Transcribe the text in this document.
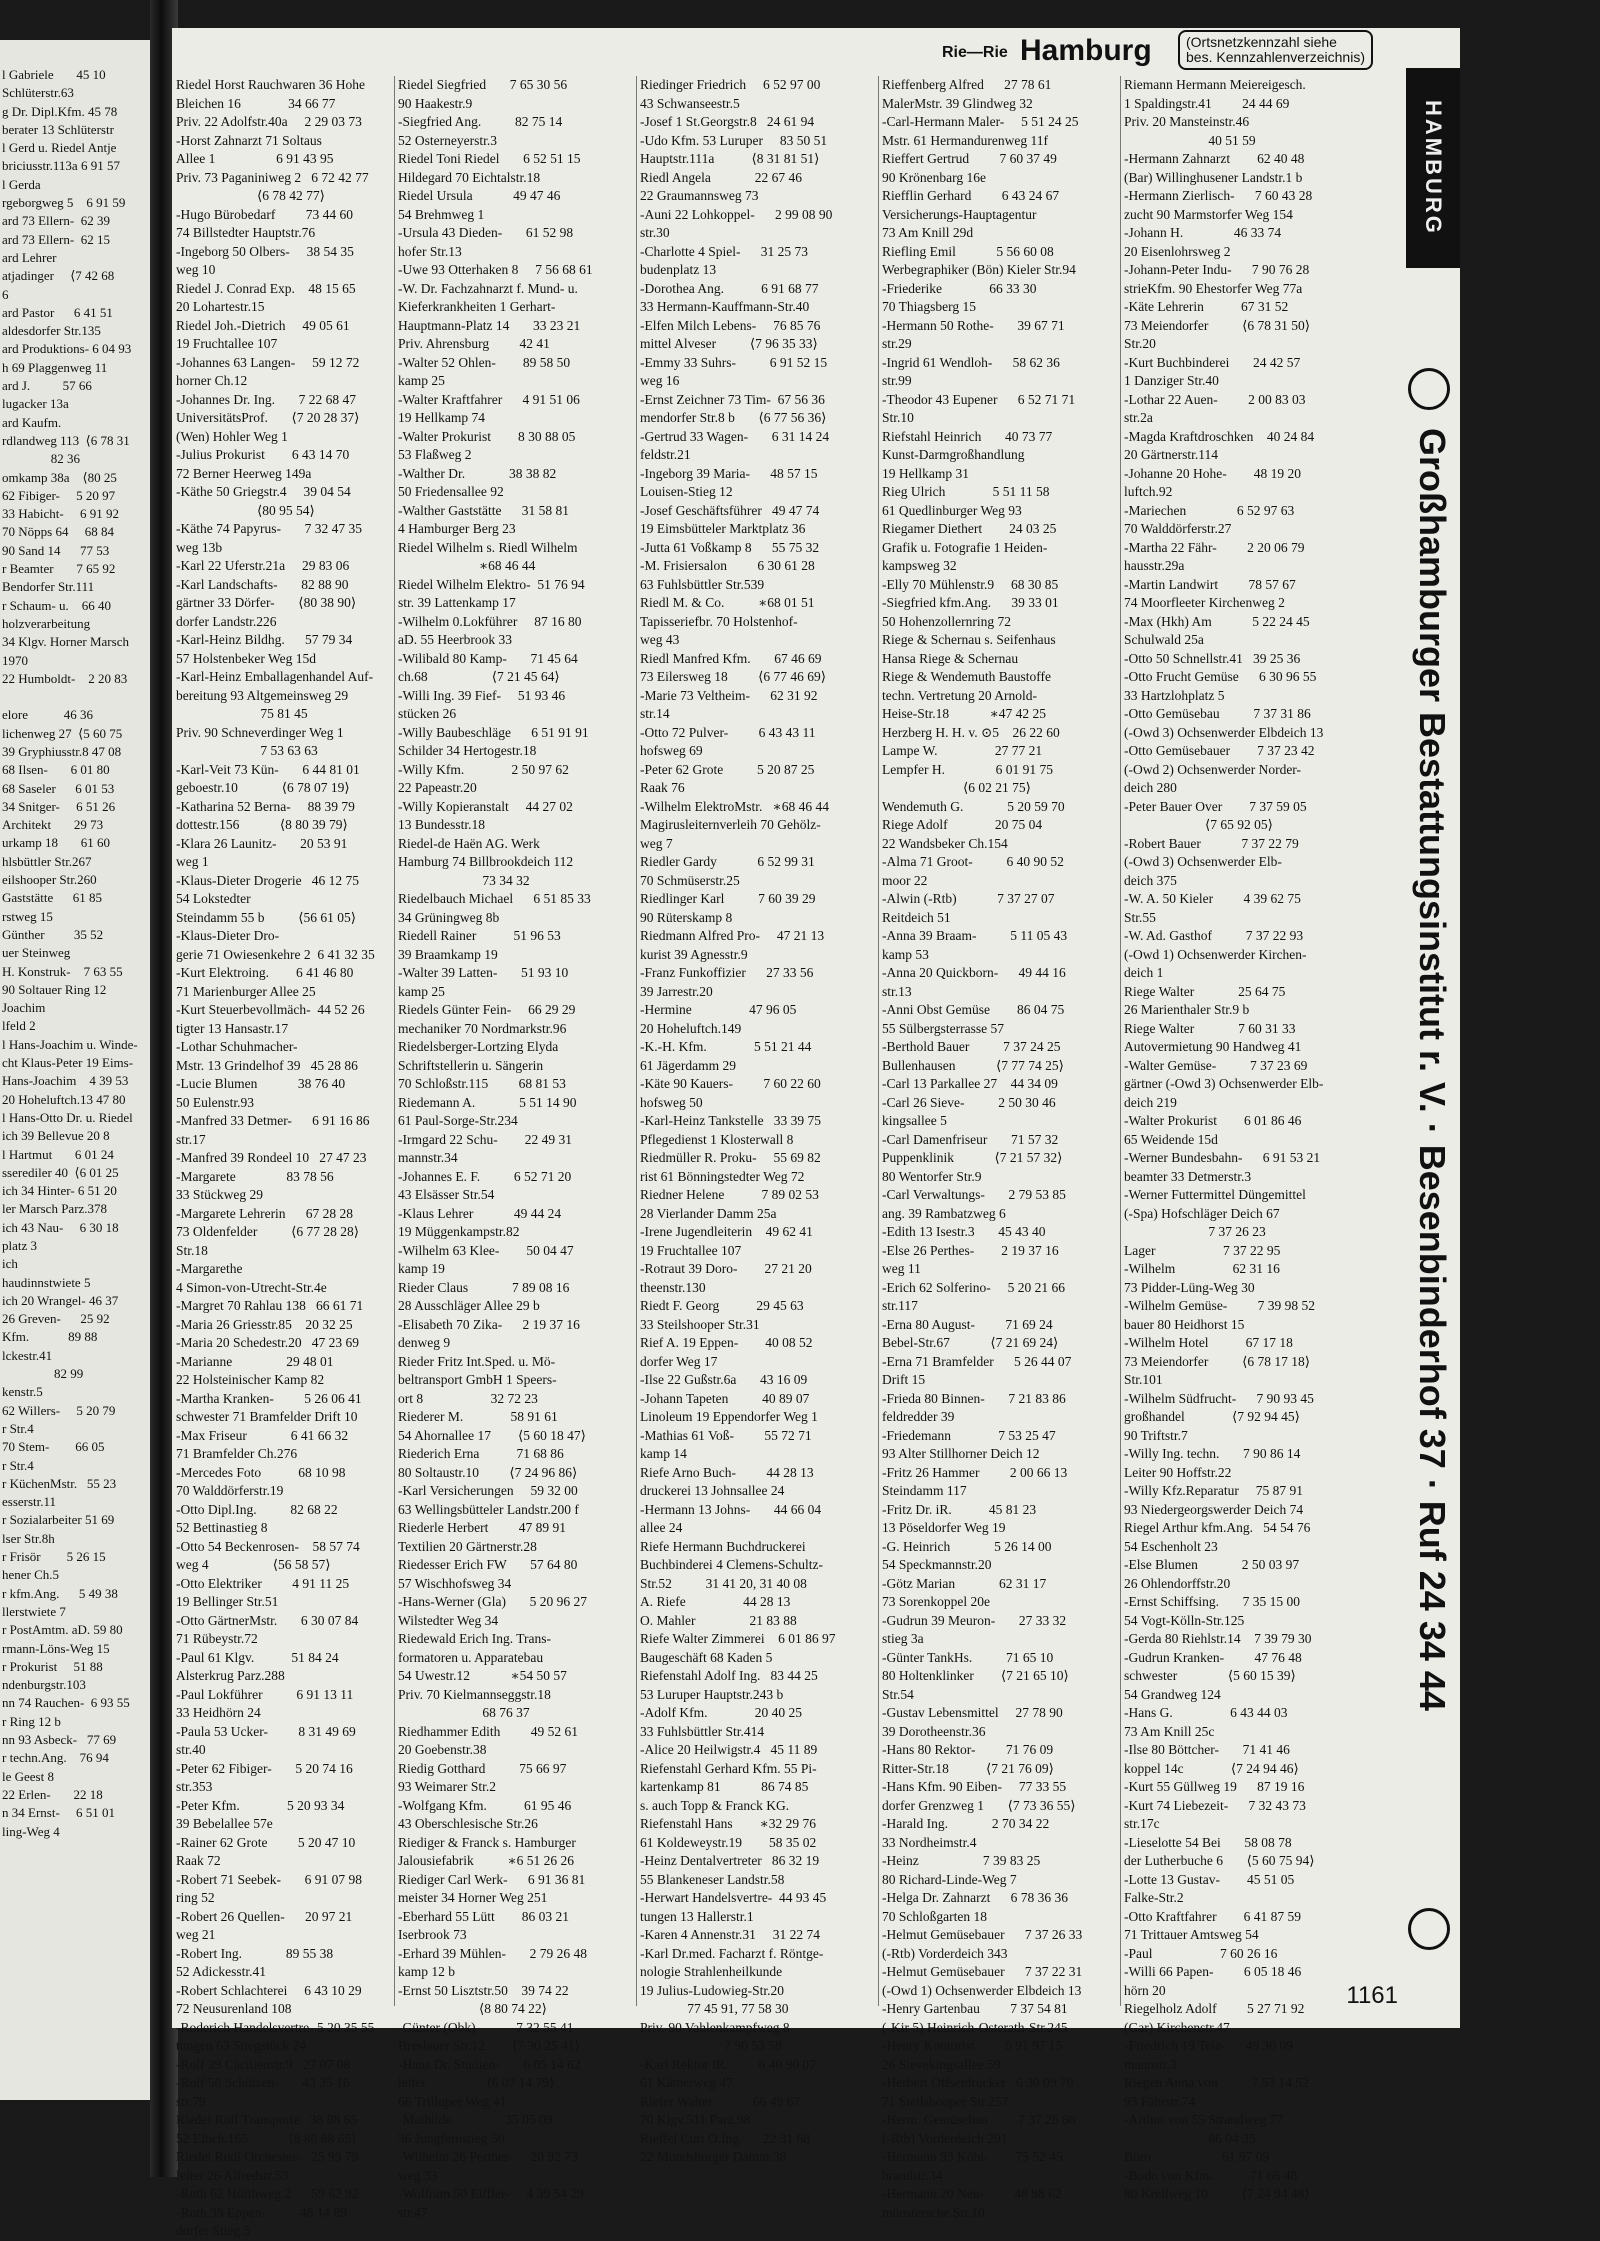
l Gabriele       45 10
Schlüterstr.63
g Dr. Dipl.Kfm. 45 78
berater 13 Schlüterstr
l Gerd u. Riedel Antje
briciusstr.113a 6 91 57
l Gerda
rgeborgweg 5    6 91 59
ard 73 Ellern-  62 39
ard 73 Ellern-  62 15
ard Lehrer
atjadinger     ⟨7 42 68
6
ard Pastor      6 41 51
aldesdorfer Str.135
ard Produktions- 6 04 93
h 69 Plaggenweg 11
ard J.          57 66
lugacker 13a
ard Kaufm.
rdlandweg 113  ⟨6 78 31
82 36
omkamp 38a    ⟨80 25
62 Fibiger-     5 20 97
33 Habicht-     6 91 92
70 Nöpps 64     68 84
90 Sand 14      77 53
r Beamter       7 65 92
Bendorfer Str.111
r Schaum- u.    66 40
holzverarbeitung
34 Klgv. Horner Marsch
1970
22 Humboldt-    2 20 83

elore           46 36
lichenweg 27  ⟨5 60 75
39 Gryphiusstr.8 47 08
68 Ilsen-       6 01 80
68 Saseler      6 01 53
34 Snitger-     6 51 26
Architekt       29 73
urkamp 18       61 60
hlsbüttler Str.267
eilshooper Str.260
Gaststätte      61 85
rstweg 15
Günther         35 52
uer Steinweg
H. Konstruk-    7 63 55
90 Soltauer Ring 12
Joachim
lfeld 2
l Hans-Joachim u. Winde-
cht Klaus-Peter 19 Eims-
Hans-Joachim    4 39 53
20 Hoheluftch.13 47 80
l Hans-Otto Dr. u. Riedel
ich 39 Bellevue 20 8
l Hartmut       6 01 24
sserediler 40  ⟨6 01 25
ich 34 Hinter- 6 51 20
ler Marsch Parz.378
ich 43 Nau-     6 30 18
platz 3
ich
haudinnstwiete 5
ich 20 Wrangel- 46 37
26 Greven-      25 92
Kfm.            89 88
lckestr.41
82 99
kenstr.5
62 Willers-     5 20 79
r Str.4
70 Stem-        66 05
r Str.4
r KüchenMstr.   55 23
esserstr.11
r Sozialarbeiter 51 69
lser Str.8h
r Frisör        5 26 15
hener Ch.5
r kfm.Ang.      5 49 38
llerstwiete 7
r PostAmtm. aD. 59 80
rmann-Löns-Weg 15
r Prokurist     51 88
ndenburgstr.103
nn 74 Rauchen-  6 93 55
r Ring 12 b
nn 93 Asbeck-   77 69
r techn.Ang.    76 94
le Geest 8
22 Erlen-       22 18
n 34 Ernst-     6 51 01
ling-Weg 4
Rie—Rie Hamburg	(Ortsnetzkennzahl siehe
bes. Kennzahlenverzeichnis)
Riedel Horst Rauchwaren 36 Hohe
Bleichen 16              34 66 77
Priv. 22 Adolfstr.40a     2 29 03 73
-Horst Zahnarzt 71 Soltaus
Allee 1                  6 91 43 95
Priv. 73 Paganiniweg 2   6 72 42 77
⟨6 78 42 77⟩
-Hugo Bürobedarf         73 44 60
74 Billstedter Hauptstr.76
-Ingeborg 50 Olbers-     38 54 35
weg 10
Riedel J. Conrad Exp.    48 15 65
20 Lohartestr.15
Riedel Joh.-Dietrich     49 05 61
19 Fruchtallee 107
-Johannes 63 Langen-     59 12 72
horner Ch.12
-Johannes Dr. Ing.       7 22 68 47
UniversitätsProf.       ⟨7 20 28 37⟩
(Wen) Hohler Weg 1
-Julius Prokurist        6 43 14 70
72 Berner Heerweg 149a
-Käthe 50 Griegstr.4     39 04 54
⟨80 95 54⟩
-Käthe 74 Papyrus-       7 32 47 35
weg 13b
-Karl 22 Uferstr.21a     29 83 06
-Karl Landschafts-       82 88 90
gärtner 33 Dörfer-       ⟨80 38 90⟩
dorfer Landstr.226
-Karl-Heinz Bildhg.      57 79 34
57 Holstenbeker Weg 15d
-Karl-Heinz Emballagenhandel Auf-
bereitung 93 Altgemeinsweg 29
75 81 45
Priv. 90 Schneverdinger Weg 1
7 53 63 63
-Karl-Veit 73 Kün-       6 44 81 01
geboestr.10             ⟨6 78 07 19⟩
-Katharina 52 Berna-     88 39 79
dottestr.156            ⟨8 80 39 79⟩
-Klara 26 Launitz-       20 53 91
weg 1
-Klaus-Dieter Drogerie   46 12 75
54 Lokstedter
Steindamm 55 b          ⟨56 61 05⟩
-Klaus-Dieter Dro-
gerie 71 Owiesenkehre 2  6 41 32 35
-Kurt Elektroing.        6 41 46 80
71 Marienburger Allee 25
-Kurt Steuerbevollmäch-  44 52 26
tigter 13 Hansastr.17
-Lothar Schuhmacher-
Mstr. 13 Grindelhof 39   45 28 86
-Lucie Blumen            38 76 40
50 Eulenstr.93
-Manfred 33 Detmer-      6 91 16 86
str.17
-Manfred 39 Rondeel 10   27 47 23
-Margarete               83 78 56
33 Stückweg 29
-Margarete Lehrerin      67 28 28
73 Oldenfelder          ⟨6 77 28 28⟩
Str.18
-Margarethe
4 Simon-von-Utrecht-Str.4e
-Margret 70 Rahlau 138   66 61 71
-Maria 26 Griesstr.85    20 32 25
-Maria 20 Schedestr.20   47 23 69
-Marianne                29 48 01
22 Holsteinischer Kamp 82
-Martha Kranken-         5 26 06 41
schwester 71 Bramfelder Drift 10
-Max Friseur             6 41 66 32
71 Bramfelder Ch.276
-Mercedes Foto           68 10 98
70 Walddörferstr.19
-Otto Dipl.Ing.          82 68 22
52 Bettinastieg 8
-Otto 54 Beckenrosen-    58 57 74
weg 4                   ⟨56 58 57⟩
-Otto Elektriker         4 91 11 25
19 Bellinger Str.51
-Otto GärtnerMstr.       6 30 07 84
71 Rübeystr.72
-Paul 61 Klgv.           51 84 24
Alsterkrug Parz.288
-Paul Lokführer          6 91 13 11
33 Heidhörn 24
-Paula 53 Ucker-         8 31 49 69
str.40
-Peter 62 Fibiger-       5 20 74 16
str.353
-Peter Kfm.              5 20 93 34
39 Bebelallee 57e
-Rainer 62 Grote         5 20 47 10
Raak 72
-Robert 71 Seebek-       6 91 07 98
ring 52
-Robert 26 Quellen-      20 97 21
weg 21
-Robert Ing.             89 55 38
52 Adickesstr.41
-Robert Schlachterei     6 43 10 29
72 Neusurenland 108
-Roderich Handelsvertre- 5 20 35 55
tungen 63 Stiegstück 24
-Rolf 39 Cäcilienstr.9   27 07 08
-Rolf 50 Schützen-       43 35 16
str.79
Riedel Rolf Transporte   38 88 65
52 Elbch.165            ⟨8 80 88 65⟩
Riedel Rudi Orchester-   25 99 79
leiter 26 Alfredstr.53
-Ruth 62 Hürthweg 2      59 62 92
-Ruth 39 Eppen-          46 14 89
dorfer Stieg 5
Riedel Siegfried       7 65 30 56
90 Haakestr.9
-Siegfried Ang.          82 75 14
52 Osterneyerstr.3
Riedel Toni Riedel       6 52 51 15
Hildegard 70 Eichtalstr.18
Riedel Ursula            49 47 46
54 Brehmweg 1
-Ursula 43 Dieden-       61 52 98
hofer Str.13
-Uwe 93 Otterhaken 8     7 56 68 61
-W. Dr. Fachzahnarzt f. Mund- u.
Kieferkrankheiten 1 Gerhart-
Hauptmann-Platz 14       33 23 21
Priv. Ahrensburg         42 41
-Walter 52 Ohlen-        89 58 50
kamp 25
-Walter Kraftfahrer      4 91 51 06
19 Hellkamp 74
-Walter Prokurist        8 30 88 05
53 Flaßweg 2
-Walther Dr.             38 38 82
50 Friedensallee 92
-Walther Gaststätte      31 58 81
4 Hamburger Berg 23
Riedel Wilhelm s. Riedl Wilhelm
∗68 46 44
Riedel Wilhelm Elektro-  51 76 94
str. 39 Lattenkamp 17
-Wilhelm 0.Lokführer     87 16 80
aD. 55 Heerbrook 33
-Wilibald 80 Kamp-       71 45 64
ch.68                   ⟨7 21 45 64⟩
-Willi Ing. 39 Fief-     51 93 46
stücken 26
-Willy Baubeschläge      6 51 91 91
Schilder 34 Hertogestr.18
-Willy Kfm.              2 50 97 62
22 Papeastr.20
-Willy Kopieranstalt     44 27 02
13 Bundesstr.18
Riedel-de Haën AG. Werk
Hamburg 74 Billbrookdeich 112
73 34 32
Riedelbauch Michael      6 51 85 33
34 Grüningweg 8b
Riedell Rainer           51 96 53
39 Braamkamp 19
-Walter 39 Latten-       51 93 10
kamp 25
Riedels Günter Fein-     66 29 29
mechaniker 70 Nordmarkstr.96
Riedelsberger-Lortzing Elyda
Schriftstellerin u. Sängerin
70 Schloßstr.115         68 81 53
Riedemann A.             5 51 14 90
61 Paul-Sorge-Str.234
-Irmgard 22 Schu-        22 49 31
mannstr.34
-Johannes E. F.          6 52 71 20
43 Elsässer Str.54
-Klaus Lehrer            49 44 24
19 Müggenkampstr.82
-Wilhelm 63 Klee-        50 04 47
kamp 19
Rieder Claus             7 89 08 16
28 Ausschläger Allee 29 b
-Elisabeth 70 Zika-      2 19 37 16
denweg 9
Rieder Fritz Int.Sped. u. Mö-
beltransport GmbH 1 Speers-
ort 8                    32 72 23
Riederer M.              58 91 61
54 Ahornallee 17        ⟨5 60 18 47⟩
Riederich Erna           71 68 86
80 Soltaustr.10         ⟨7 24 96 86⟩
-Karl Versicherungen     59 32 00
63 Wellingsbütteler Landstr.200 f
Riederle Herbert         47 89 91
Textilien 20 Gärtnerstr.28
Riedesser Erich FW       57 64 80
57 Wischhofsweg 34
-Hans-Werner (Gla)       5 20 96 27
Wilstedter Weg 34
Riedewald Erich Ing. Trans-
formatoren u. Apparatebau
54 Uwestr.12            ∗54 50 57
Priv. 70 Kielmannseggstr.18
68 76 37
Riedhammer Edith         49 52 61
20 Goebenstr.38
Riedig Gotthard          75 66 97
93 Weimarer Str.2
-Wolfgang Kfm.           61 95 46
43 Oberschlesische Str.26
Riediger & Franck s. Hamburger
Jalousiefabrik          ∗6 51 26 26
Riediger Carl Werk-      6 91 36 81
meister 34 Horner Weg 251
-Eberhard 55 Lütt        86 03 21
Iserbrook 73
-Erhard 39 Mühlen-       2 79 26 48
kamp 12 b
-Ernst 50 Lisztstr.50    39 74 22
⟨8 80 74 22⟩
-Günter (Obk)            7 32 55 41
Breslauer Str.12        ⟨7 30 25 41⟩
-Hans Dr. Studien-       6 05 14 62
leiter                  ⟨6 07 14 79⟩
66 Trilluper Weg 41
-Mathilde                35 05 09
36 Jungfernstieg 50
-Wilhelm 26 Perthes-     20 92 73
weg 33
-Wolfram 50 Eiffler-     4 39 54 29
str.47
Riedinger Friedrich     6 52 97 00
43 Schwanseestr.5
-Josef 1 St.Georgstr.8   24 61 94
-Udo Kfm. 53 Luruper     83 50 51
Hauptstr.111a           ⟨8 31 81 51⟩
Riedl Angela             22 67 46
22 Graumannsweg 73
-Auni 22 Lohkoppel-      2 99 08 90
str.30
-Charlotte 4 Spiel-      31 25 73
budenplatz 13
-Dorothea Ang.           6 91 68 77
33 Hermann-Kauffmann-Str.40
-Elfen Milch Lebens-     76 85 76
mittel Alveser          ⟨7 96 35 33⟩
-Emmy 33 Suhrs-          6 91 52 15
weg 16
-Ernst Zeichner 73 Tim-  67 56 36
mendorfer Str.8 b       ⟨6 77 56 36⟩
-Gertrud 33 Wagen-       6 31 14 24
feldstr.21
-Ingeborg 39 Maria-      48 57 15
Louisen-Stieg 12
-Josef Geschäftsführer   49 47 74
19 Eimsbütteler Marktplatz 36
-Jutta 61 Voßkamp 8      55 75 32
-M. Frisiersalon         6 30 61 28
63 Fuhlsbüttler Str.539
Riedl M. & Co.          ∗68 01 51
Tapisseriefbr. 70 Holstenhof-
weg 43
Riedl Manfred Kfm.       67 46 69
73 Eilersweg 18         ⟨6 77 46 69⟩
-Marie 73 Veltheim-      62 31 92
str.14
-Otto 72 Pulver-         6 43 43 11
hofsweg 69
-Peter 62 Grote          5 20 87 25
Raak 76
-Wilhelm ElektroMstr.   ∗68 46 44
Magirusleiternverleih 70 Gehölz-
weg 7
Riedler Gardy            6 52 99 31
70 Schmüserstr.25
Riedlinger Karl          7 60 39 29
90 Rüterskamp 8
Riedmann Alfred Pro-     47 21 13
kurist 39 Agnesstr.9
-Franz Funkoffizier      27 33 56
39 Jarrestr.20
-Hermine                 47 96 05
20 Hoheluftch.149
-K.-H. Kfm.              5 51 21 44
61 Jägerdamm 29
-Käte 90 Kauers-         7 60 22 60
hofsweg 50
-Karl-Heinz Tankstelle   33 39 75
Pflegedienst 1 Klosterwall 8
Riedmüller R. Proku-     55 69 82
rist 61 Bönningstedter Weg 72
Riedner Helene           7 89 02 53
28 Vierlander Damm 25a
-Irene Jugendleiterin    49 62 41
19 Fruchtallee 107
-Rotraut 39 Doro-        27 21 20
theenstr.130
Riedt F. Georg           29 45 63
33 Steilshooper Str.31
Rief A. 19 Eppen-        40 08 52
dorfer Weg 17
-Ilse 22 Gußstr.6a       43 16 09
-Johann Tapeten          40 89 07
Linoleum 19 Eppendorfer Weg 1
-Mathias 61 Voß-         55 72 71
kamp 14
Riefe Arno Buch-         44 28 13
druckerei 13 Johnsallee 24
-Hermann 13 Johns-       44 66 04
allee 24
Riefe Hermann Buchdruckerei
Buchbinderei 4 Clemens-Schultz-
Str.52          31 41 20, 31 40 08
A. Riefe                 44 28 13
O. Mahler                21 83 88
Riefe Walter Zimmerei    6 01 86 97
Baugeschäft 68 Kaden 5
Riefenstahl Adolf Ing.   83 44 25
53 Luruper Hauptstr.243 b
-Adolf Kfm.              20 40 25
33 Fuhlsbüttler Str.414
-Alice 20 Heilwigstr.4   45 11 89
Riefenstahl Gerhard Kfm. 55 Pi-
kartenkamp 81            86 74 85
s. auch Topp & Franck KG.
Riefenstahl Hans        ∗32 29 76
61 Koldeweystr.19        58 35 02
-Heinz Dentalvertreter   86 32 19
55 Blankeneser Landstr.58
-Herwart Handelsvertre-  44 93 45
tungen 13 Hallerstr.1
-Karen 4 Annenstr.31     31 22 74
-Karl Dr.med. Facharzt f. Röntge-
nologie Strahlenheilkunde
19 Julius-Ludowieg-Str.20
77 45 91, 77 58 30
Priv. 90 Vahlenkampfweg 8
7 90 53 58
-Karl Rektor iR.         6 40 90 07
61 Kätnerweg 47
Riefer Walter            66 49 67
70 Klgv.511 Parz.98
Rieffel Curt O.Ing.      22 31 68
22 Mundsburger Damm 38
Rieffenberg Alfred      27 78 61
MalerMstr. 39 Glindweg 32
-Carl-Hermann Maler-     5 51 24 25
Mstr. 61 Hermandurenweg 11f
Rieffert Gertrud         7 60 37 49
90 Krönenbarg 16e
Riefflin Gerhard         6 43 24 67
Versicherungs-Hauptagentur
73 Am Knill 29d
Riefling Emil            5 56 60 08
Werbegraphiker (Bön) Kieler Str.94
-Friederike              66 33 30
70 Thiagsberg 15
-Hermann 50 Rothe-       39 67 71
str.29
-Ingrid 61 Wendloh-      58 62 36
str.99
-Theodor 43 Eupener      6 52 71 71
Str.10
Riefstahl Heinrich       40 73 77
Kunst-Darmgroßhandlung
19 Hellkamp 31
Rieg Ulrich              5 51 11 58
61 Quedlinburger Weg 93
Riegamer Diethert        24 03 25
Grafik u. Fotografie 1 Heiden-
kampsweg 32
-Elly 70 Mühlenstr.9     68 30 85
-Siegfried kfm.Ang.      39 33 01
50 Hohenzollernring 72
Riege & Schernau s. Seifenhaus
Hansa Riege & Schernau
Riege & Wendemuth Baustoffe
techn. Vertretung 20 Arnold-
Heise-Str.18            ∗47 42 25
Herzberg H. H. v. ⊙5    26 22 60
Lampe W.                 27 77 21
Lempfer H.               6 01 91 75
⟨6 02 21 75⟩
Wendemuth G.             5 20 59 70
Riege Adolf              20 75 04
22 Wandsbeker Ch.154
-Alma 71 Groot-          6 40 90 52
moor 22
-Alwin (-Rtb)            7 37 27 07
Reitdeich 51
-Anna 39 Braam-          5 11 05 43
kamp 53
-Anna 20 Quickborn-      49 44 16
str.13
-Anni Obst Gemüse        86 04 75
55 Sülbergsterrasse 57
-Berthold Bauer          7 37 24 25
Bullenhausen            ⟨7 77 74 25⟩
-Carl 13 Parkallee 27    44 34 09
-Carl 26 Sieve-          2 50 30 46
kingsallee 5
-Carl Damenfriseur       71 57 32
Puppenklinik            ⟨7 21 57 32⟩
80 Wentorfer Str.9
-Carl Verwaltungs-       2 79 53 85
ang. 39 Rambatzweg 6
-Edith 13 Isestr.3       45 43 40
-Else 26 Perthes-        2 19 37 16
weg 11
-Erich 62 Solferino-     5 20 21 66
str.117
-Erna 80 August-         71 69 24
Bebel-Str.67            ⟨7 21 69 24⟩
-Erna 71 Bramfelder      5 26 44 07
Drift 15
-Frieda 80 Binnen-       7 21 83 86
feldredder 39
-Friedemann              7 53 25 47
93 Alter Stillhorner Deich 12
-Fritz 26 Hammer         2 00 66 13
Steindamm 117
-Fritz Dr. iR.           45 81 23
13 Pöseldorfer Weg 19
-G. Heinrich             5 26 14 00
54 Speckmannstr.20
-Götz Marian             62 31 17
73 Sorenkoppel 20e
-Gudrun 39 Meuron-       27 33 32
stieg 3a
-Günter TankHs.          71 65 10
80 Holtenklinker        ⟨7 21 65 10⟩
Str.54
-Gustav Lebensmittel     27 78 90
39 Dorotheenstr.36
-Hans 80 Rektor-         71 76 09
Ritter-Str.18           ⟨7 21 76 09⟩
-Hans Kfm. 90 Eiben-     77 33 55
dorfer Grenzweg 1       ⟨7 73 36 55⟩
-Harald Ing.             2 70 34 22
33 Nordheimstr.4
-Heinz                   7 39 83 25
80 Richard-Linde-Weg 7
-Helga Dr. Zahnarzt      6 78 36 36
70 Schloßgarten 18
-Helmut Gemüsebauer      7 37 26 33
(-Rtb) Vorderdeich 343
-Helmut Gemüsebauer      7 37 22 31
(-Owd 1) Ochsenwerder Elbdeich 13
-Henry Gartenbau         7 37 54 81
(-Kir 5) Heinrich-Osterath-Str.245
-Henry Kontorist         6 91 97 15
26 Sievekingsallee 59
-Herbert Offsetdrucker   6 30 09 70
71 Steilshooper Str.257
-Herm. Gemüsebau         7 37 26 86
(-Rtb) Vorderdeich 291
-Hermann 93 Köhl-        75 52 45
brandstr.34
-Hermann 20 Neu-         48 98 62
münstersche Str.10
Riemann Hermann Meiereigesch.
1 Spaldingstr.41         24 44 69
Priv. 20 Mansteinstr.46
40 51 59
-Hermann Zahnarzt        62 40 48
(Bar) Willinghusener Landstr.1 b
-Hermann Zierlisch-      7 60 43 28
zucht 90 Marmstorfer Weg 154
-Johann H.               46 33 74
20 Eisenlohrsweg 2
-Johann-Peter Indu-      7 90 76 28
strieKfm. 90 Ehestorfer Weg 77a
-Käte Lehrerin           67 31 52
73 Meiendorfer          ⟨6 78 31 50⟩
Str.20
-Kurt Buchbinderei       24 42 57
1 Danziger Str.40
-Lothar 22 Auen-         2 00 83 03
str.2a
-Magda Kraftdroschken    40 24 84
20 Gärtnerstr.114
-Johanne 20 Hohe-        48 19 20
luftch.92
-Mariechen               6 52 97 63
70 Walddörferstr.27
-Martha 22 Fähr-         2 20 06 79
hausstr.29a
-Martin Landwirt         78 57 67
74 Moorfleeter Kirchenweg 2
-Max (Hkh) Am            5 22 24 45
Schulwald 25a
-Otto 50 Schnellstr.41   39 25 36
-Otto Frucht Gemüse      6 30 96 55
33 Hartzlohplatz 5
-Otto Gemüsebau          7 37 31 86
(-Owd 3) Ochsenwerder Elbdeich 13
-Otto Gemüsebauer        7 37 23 42
(-Owd 2) Ochsenwerder Norder-
deich 280
-Peter Bauer Over        7 37 59 05
⟨7 65 92 05⟩
-Robert Bauer            7 37 22 79
(-Owd 3) Ochsenwerder Elb-
deich 375
-W. A. 50 Kieler         4 39 62 75
Str.55
-W. Ad. Gasthof          7 37 22 93
(-Owd 1) Ochsenwerder Kirchen-
deich 1
Riege Walter             25 64 75
26 Marienthaler Str.9 b
Riege Walter             7 60 31 33
Autovermietung 90 Handweg 41
-Walter Gemüse-          7 37 23 69
gärtner (-Owd 3) Ochsenwerder Elb-
deich 219
-Walter Prokurist        6 01 86 46
65 Weidende 15d
-Werner Bundesbahn-      6 91 53 21
beamter 33 Detmerstr.3
-Werner Futtermittel Düngemittel
(-Spa) Hofschläger Deich 67
7 37 26 23
Lager                    7 37 22 95
-Wilhelm                 62 31 16
73 Pidder-Lüng-Weg 30
-Wilhelm Gemüse-         7 39 98 52
bauer 80 Heidhorst 15
-Wilhelm Hotel           67 17 18
73 Meiendorfer          ⟨6 78 17 18⟩
Str.101
-Wilhelm Südfrucht-      7 90 93 45
großhandel              ⟨7 92 94 45⟩
90 Triftstr.7
-Willy Ing. techn.       7 90 86 14
Leiter 90 Hoffstr.22
-Willy Kfz.Reparatur     75 87 91
93 Niedergeorgswerder Deich 74
Riegel Arthur kfm.Ang.   54 54 76
54 Eschenholt 23
-Else Blumen             2 50 03 97
26 Ohlendorffstr.20
-Ernst Schiffsing.       7 35 15 00
54 Vogt-Kölln-Str.125
-Gerda 80 Riehlstr.14    7 39 79 30
-Gudrun Kranken-         47 76 48
schwester               ⟨5 60 15 39⟩
54 Grandweg 124
-Hans G.                 6 43 44 03
73 Am Knill 25c
-Ilse 80 Böttcher-       71 41 46
koppel 14c              ⟨7 24 94 46⟩
-Kurt 55 Güllweg 19      87 19 16
-Kurt 74 Liebezeit-      7 32 43 73
str.17c
-Lieselotte 54 Bei       58 08 78
der Lutherbuche 6       ⟨5 60 75 94⟩
-Lotte 13 Gustav-        45 51 05
Falke-Str.2
-Otto Kraftfahrer        6 41 87 59
71 Trittauer Amtsweg 54
-Paul                    7 60 26 16
-Willi 66 Papen-         6 05 18 46
hörn 20
Riegelholz Adolf         5 27 71 92
(Gar) Kirchenstr.47
-Friedrich 19 Tele-      49 30 09
mannstr.3
Riegen Anna von          7 53 14 52
93 Fährstr.74
-Arthur von 55 Strandweg 77
86 04 35
Büro                     61 97 09
-Bodo von Kfm.           71 66 48
80 Krellweg 10          ⟨7 24 94 48⟩
HAMBURG
Großhamburger Bestattungsinstitut r. V. · Besenbinderhof 37 · Ruf 24 34 44
1161
